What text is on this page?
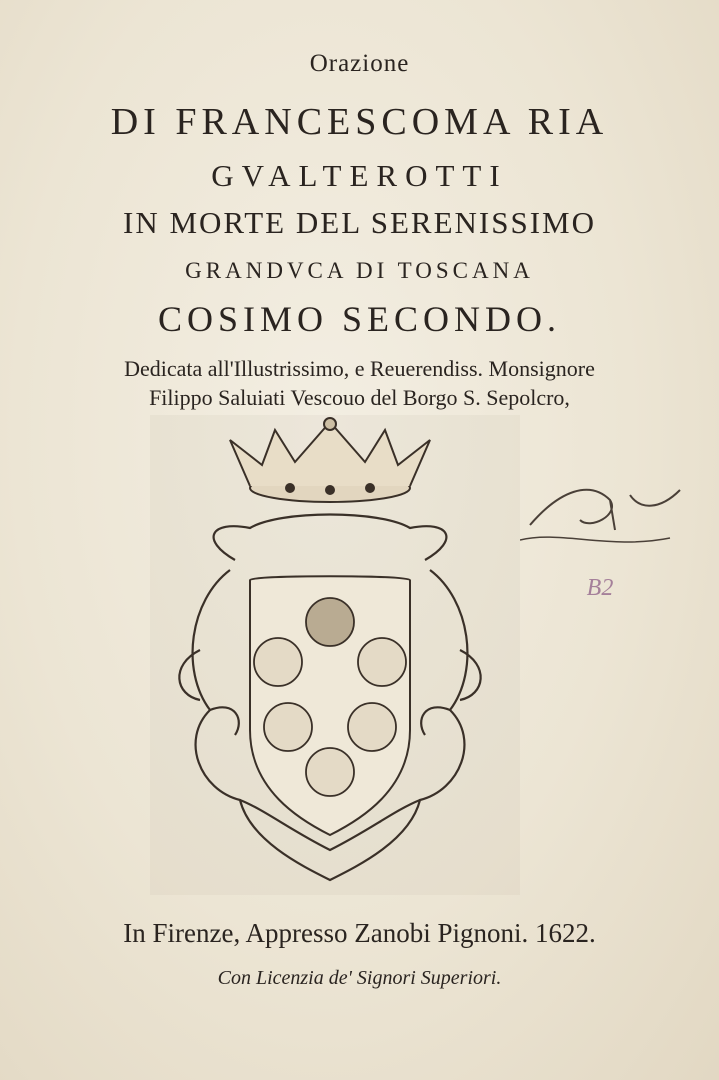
Orazione
DI FRANCESCOMA RIA
GVALTEROTTI
IN MORTE DEL SERENISSIMO
GRANDVCA DI TOSCANA
COSIMO SECONDO.
Dedicata all'Illustrissimo, e Reuerendiss. Monsignore
Filippo Saluiati Vescouo del Borgo S. Sepolcro,
B2
In Firenze, Appresso Zanobi Pignoni. 1622.
Con Licenzia de' Signori Superiori.
